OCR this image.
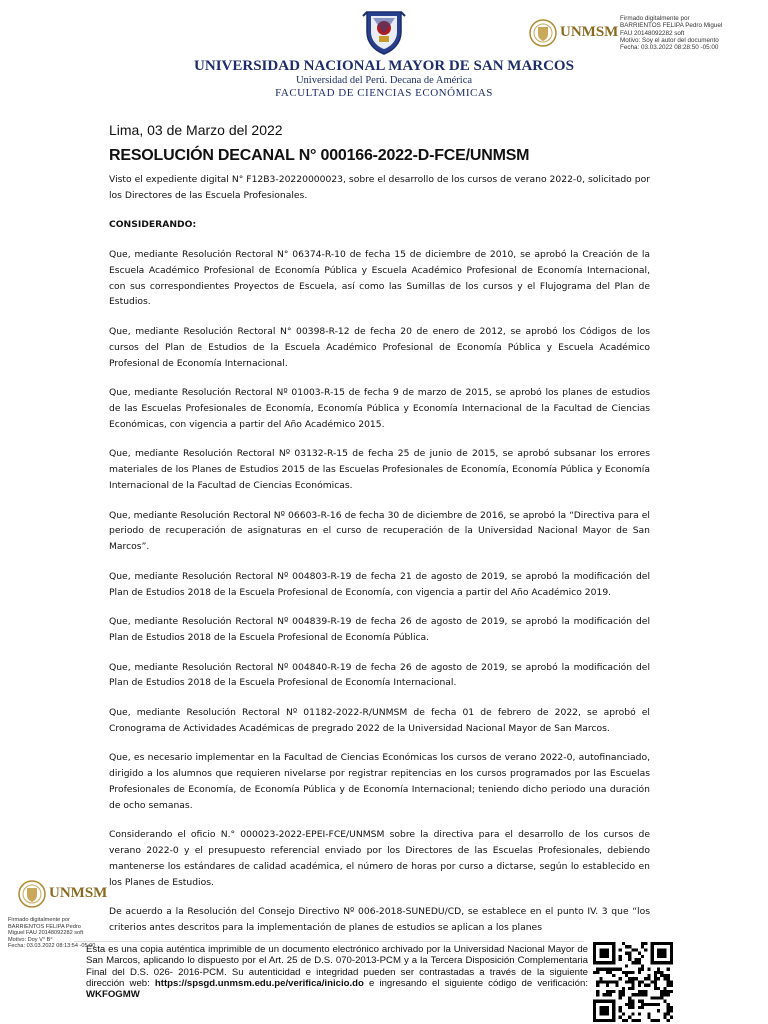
UNIVERSIDAD NACIONAL MAYOR DE SAN MARCOS
Universidad del Perú. Decana de América
FACULTAD DE CIENCIAS ECONÓMICAS
UNMSM
Firmado digitalmente por
BARRIENTOS FELIPA Pedro Miguel
FAU 20148092282 soft
Motivo: Soy el autor del documento
Fecha: 03.03.2022 08:28:50 -05:00
Lima, 03 de Marzo del 2022
RESOLUCIÓN DECANAL N° 000166-2022-D-FCE/UNMSM

Visto el expediente digital N° F12B3-20220000023, sobre el desarrollo de los cursos de verano 2022-0, solicitado por los Directores de las Escuela Profesionales.

CONSIDERANDO:

Que, mediante Resolución Rectoral N° 06374-R-10 de fecha 15 de diciembre de 2010, se aprobó la Creación de la Escuela Académico Profesional de Economía Pública y Escuela Académico Profesional de Economía Internacional, con sus correspondientes Proyectos de Escuela, así como las Sumillas de los cursos y el Flujograma del Plan de Estudios.

Que, mediante Resolución Rectoral N° 00398-R-12 de fecha 20 de enero de 2012, se aprobó los Códigos de los cursos del Plan de Estudios de la Escuela Académico Profesional de Economía Pública y Escuela Académico Profesional de Economía Internacional.

Que, mediante Resolución Rectoral Nº 01003-R-15 de fecha 9 de marzo de 2015, se aprobó los planes de estudios de las Escuelas Profesionales de Economía, Economía Pública y Economía Internacional de la Facultad de Ciencias Económicas, con vigencia a partir del Año Académico 2015.

Que, mediante Resolución Rectoral Nº 03132-R-15 de fecha 25 de junio de 2015, se aprobó subsanar los errores materiales de los Planes de Estudios 2015 de las Escuelas Profesionales de Economía, Economía Pública y Economía Internacional de la Facultad de Ciencias Económicas.

Que, mediante Resolución Rectoral Nº 06603-R-16 de fecha 30 de diciembre de 2016, se aprobó la “Directiva para el periodo de recuperación de asignaturas en el curso de recuperación de la Universidad Nacional Mayor de San Marcos”.

Que, mediante Resolución Rectoral Nº 004803-R-19 de fecha 21 de agosto de 2019, se aprobó la modificación del Plan de Estudios 2018 de la Escuela Profesional de Economía, con vigencia a partir del Año Académico 2019.

Que, mediante Resolución Rectoral Nº 004839-R-19 de fecha 26 de agosto de 2019, se aprobó la modificación del Plan de Estudios 2018 de la Escuela Profesional de Economía Pública.

Que, mediante Resolución Rectoral Nº 004840-R-19 de fecha 26 de agosto de 2019, se aprobó la modificación del Plan de Estudios 2018 de la Escuela Profesional de Economía Internacional.

Que, mediante Resolución Rectoral Nº 01182-2022-R/UNMSM de fecha 01 de febrero de 2022, se aprobó el Cronograma de Actividades Académicas de pregrado 2022 de la Universidad Nacional Mayor de San Marcos.

Que, es necesario implementar en la Facultad de Ciencias Económicas los cursos de verano 2022-0, autofinanciado, dirigido a los alumnos que requieren nivelarse por registrar repitencias en los cursos programados por las Escuelas Profesionales de Economía, de Economía Pública y de Economía Internacional; teniendo dicho periodo una duración de ocho semanas.

Considerando el oficio N.° 000023-2022-EPEI-FCE/UNMSM sobre la directiva para el desarrollo de los cursos de verano 2022-0 y el presupuesto referencial enviado por los Directores de las Escuelas Profesionales, debiendo mantenerse los estándares de calidad académica, el número de horas por curso a dictarse, según lo establecido en los Planes de Estudios.

De acuerdo a la Resolución del Consejo Directivo Nº 006-2018-SUNEDU/CD, se establece en el punto IV. 3 que “los criterios antes descritos para la implementación de planes de estudios se aplican a los planes

UNMSM
Firmado digitalmente por
BARRIENTOS FELIPA Pedro
Miguel FAU 20148092282 soft
Motivo: Doy V° B°
Fecha: 03.03.2022 08:13:54 -05:00
Esta es una copia auténtica imprimible de un documento electrónico archivado por la Universidad Nacional Mayor de San Marcos, aplicando lo dispuesto por el Art. 25 de D.S. 070-2013-PCM y a la Tercera Disposición Complementaria Final del D.S. 026- 2016-PCM. Su autenticidad e integridad pueden ser contrastadas a través de la siguiente dirección web: https://spsgd.unmsm.edu.pe/verifica/inicio.do e ingresando el siguiente código de verificación: WKFOGMW
